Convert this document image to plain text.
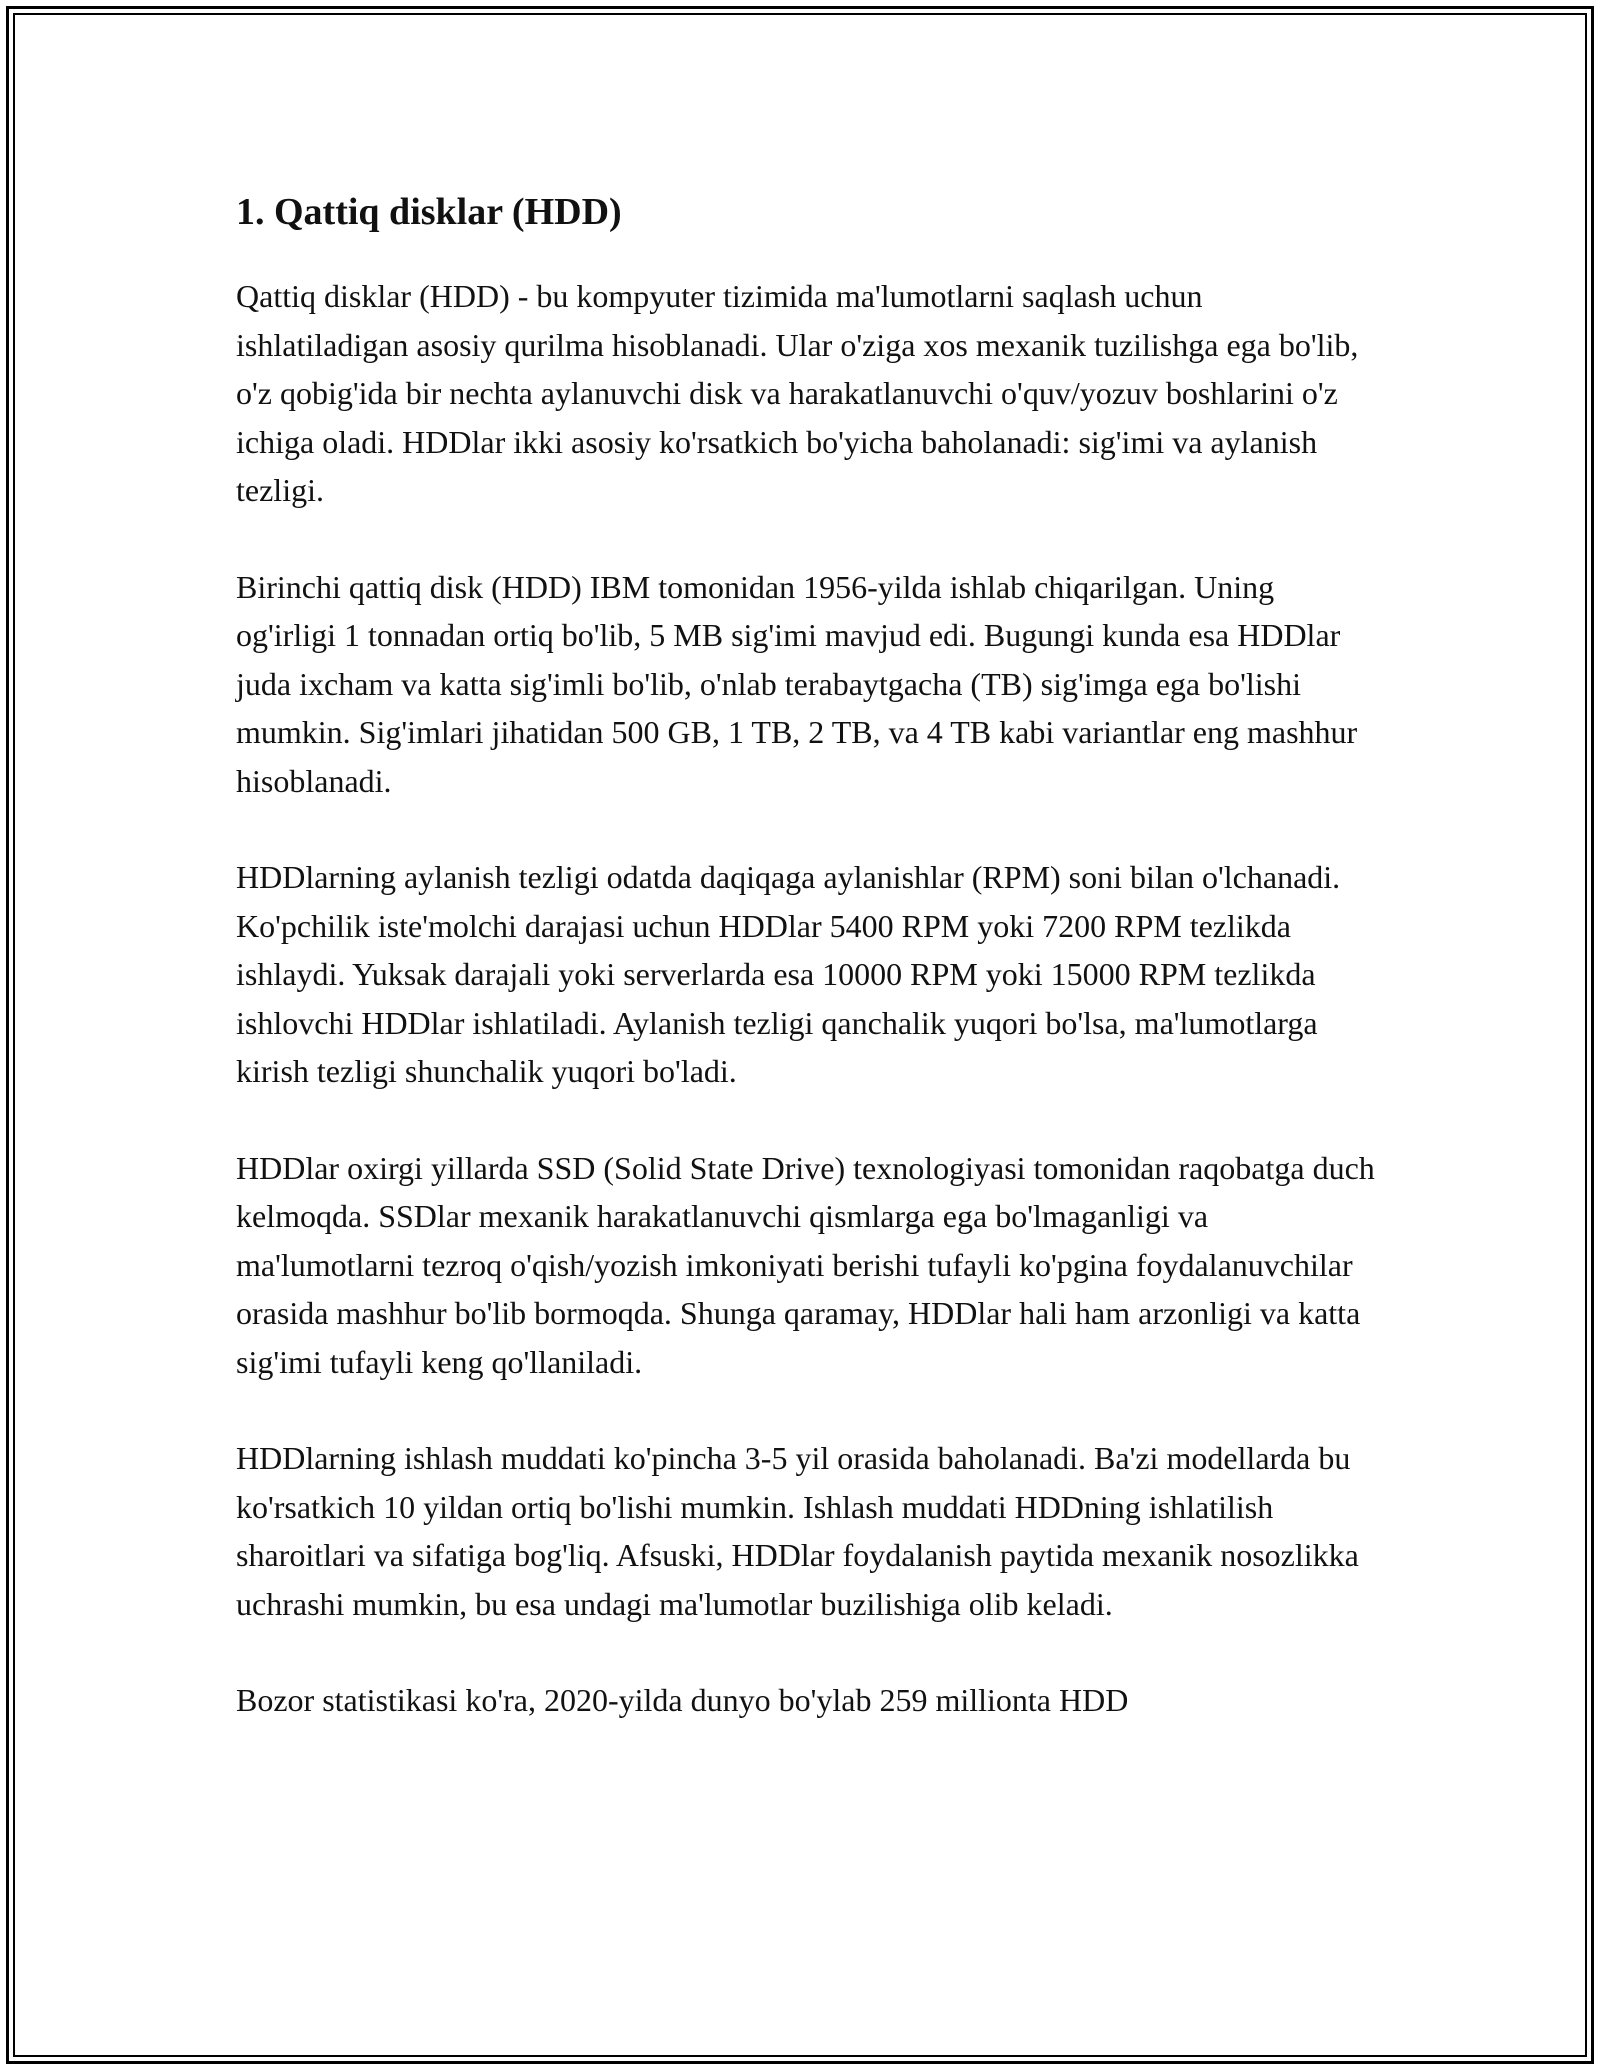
1. Qattiq disklar (HDD)

Qattiq disklar (HDD) - bu kompyuter tizimida ma'lumotlarni saqlash uchun ishlatiladigan asosiy qurilma hisoblanadi. Ular o'ziga xos mexanik tuzilishga ega bo'lib, o'z qobig'ida bir nechta aylanuvchi disk va harakatlanuvchi o'quv/yozuv boshlarini o'z ichiga oladi. HDDlar ikki asosiy ko'rsatkich bo'yicha baholanadi: sig'imi va aylanish tezligi.

Birinchi qattiq disk (HDD) IBM tomonidan 1956-yilda ishlab chiqarilgan. Uning og'irligi 1 tonnadan ortiq bo'lib, 5 MB sig'imi mavjud edi. Bugungi kunda esa HDDlar juda ixcham va katta sig'imli bo'lib, o'nlab terabaytgacha (TB) sig'imga ega bo'lishi mumkin. Sig'imlari jihatidan 500 GB, 1 TB, 2 TB, va 4 TB kabi variantlar eng mashhur hisoblanadi.

HDDlarning aylanish tezligi odatda daqiqaga aylanishlar (RPM) soni bilan o'lchanadi. Ko'pchilik iste'molchi darajasi uchun HDDlar 5400 RPM yoki 7200 RPM tezlikda ishlaydi. Yuksak darajali yoki serverlarda esa 10000 RPM yoki 15000 RPM tezlikda ishlovchi HDDlar ishlatiladi. Aylanish tezligi qanchalik yuqori bo'lsa, ma'lumotlarga kirish tezligi shunchalik yuqori bo'ladi.

HDDlar oxirgi yillarda SSD (Solid State Drive) texnologiyasi tomonidan raqobatga duch kelmoqda. SSDlar mexanik harakatlanuvchi qismlarga ega bo'lmaganligi va ma'lumotlarni tezroq o'qish/yozish imkoniyati berishi tufayli ko'pgina foydalanuvchilar orasida mashhur bo'lib bormoqda. Shunga qaramay, HDDlar hali ham arzonligi va katta sig'imi tufayli keng qo'llaniladi.

HDDlarning ishlash muddati ko'pincha 3-5 yil orasida baholanadi. Ba'zi modellarda bu ko'rsatkich 10 yildan ortiq bo'lishi mumkin. Ishlash muddati HDDning ishlatilish sharoitlari va sifatiga bog'liq. Afsuski, HDDlar foydalanish paytida mexanik nosozlikka uchrashi mumkin, bu esa undagi ma'lumotlar buzilishiga olib keladi.

Bozor statistikasi ko'ra, 2020-yilda dunyo bo'ylab 259 millionta HDD
